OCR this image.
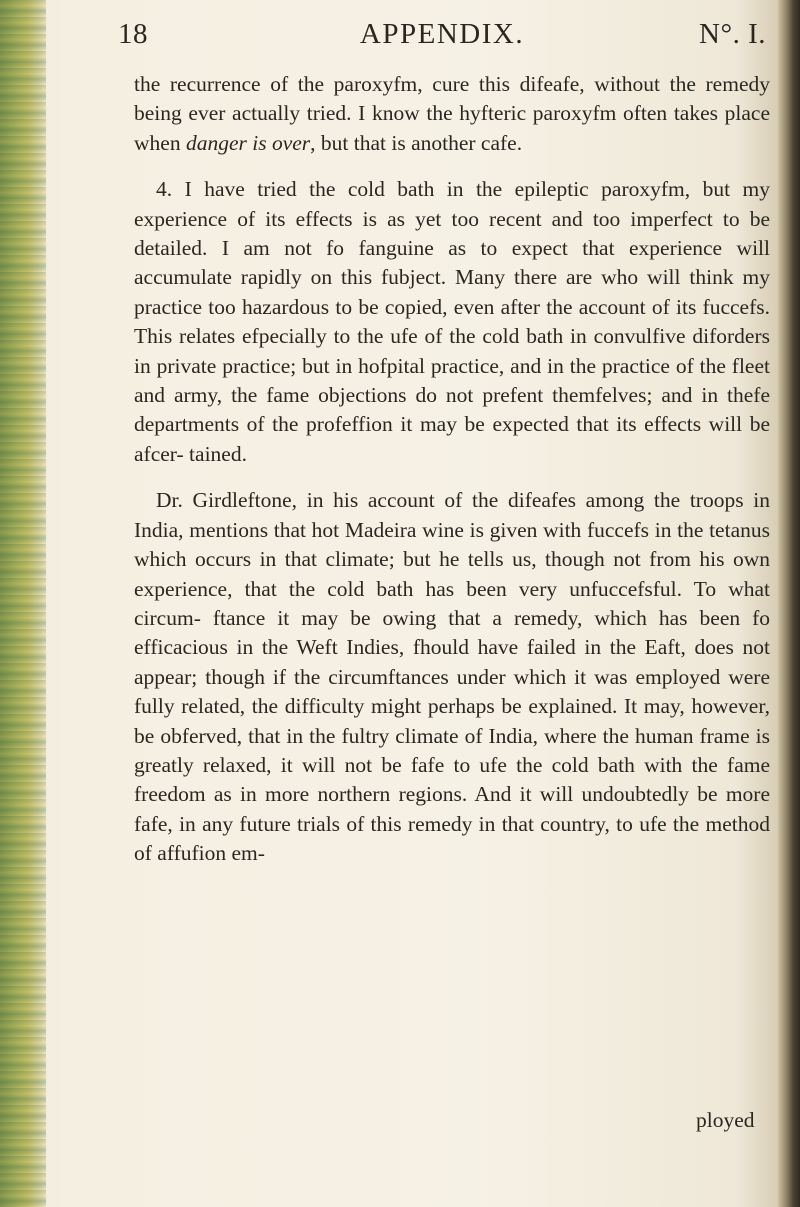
18	APPENDIX.	N°. I.

the recurrence of the paroxyfm, cure this difeafe, without the remedy being ever actually tried. I know the hyfteric paroxyfm often takes place when danger is over, but that is another cafe.

4. I have tried the cold bath in the epileptic paroxyfm, but my experience of its effects is as yet too recent and too imperfect to be detailed. I am not fo fanguine as to expect that experience will accumulate rapidly on this fubject. Many there are who will think my practice too hazardous to be copied, even after the account of its fuccefs. This relates efpecially to the ufe of the cold bath in convulfive diforders in private practice; but in hofpital practice, and in the practice of the fleet and army, the fame objections do not prefent themfelves; and in thefe departments of the profeffion it may be expected that its effects will be afcer- tained.

Dr. Girdleftone, in his account of the difeafes among the troops in India, mentions that hot Madeira wine is given with fuccefs in the tetanus which occurs in that climate; but he tells us, though not from his own experience, that the cold bath has been very unfuccefsful. To what circum- ftance it may be owing that a remedy, which has been fo efficacious in the Weft Indies, fhould have failed in the Eaft, does not appear; though if the circumftances under which it was employed were fully related, the difficulty might perhaps be explained. It may, however, be obferved, that in the fultry climate of India, where the human frame is greatly relaxed, it will not be fafe to ufe the cold bath with the fame freedom as in more northern regions. And it will undoubtedly be more fafe, in any future trials of this remedy in that country, to ufe the method of affufion em-

ployed
